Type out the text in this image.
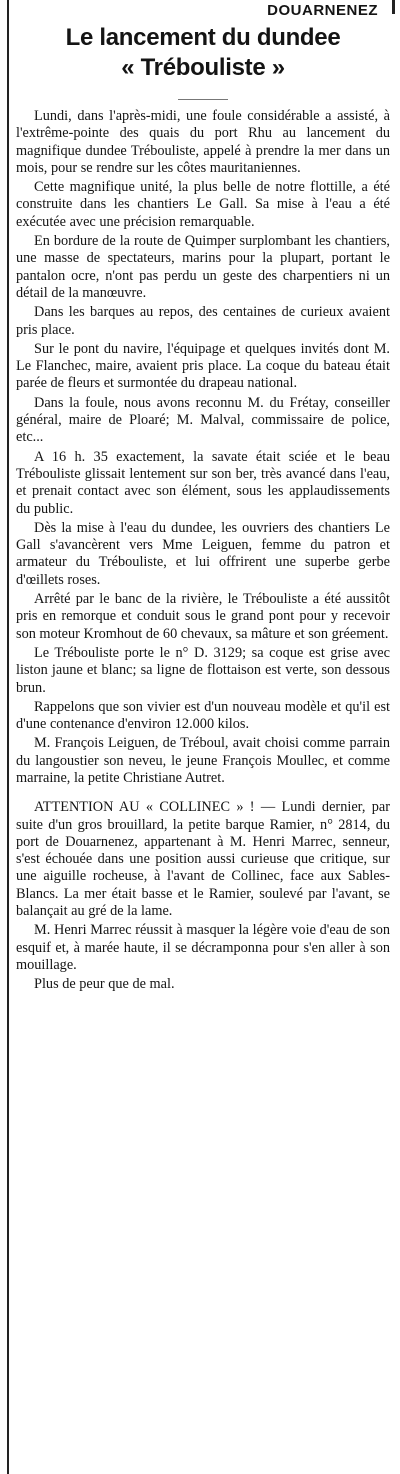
DOUARNENEZ
Le lancement du dundee
« Trébouliste »

Lundi, dans l'après-midi, une foule considérable a assisté, à l'extrême-pointe des quais du port Rhu au lancement du magnifique dundee Trébouliste, appelé à prendre la mer dans un mois, pour se rendre sur les côtes mauritaniennes.

Cette magnifique unité, la plus belle de notre flottille, a été construite dans les chantiers Le Gall. Sa mise à l'eau a été exécutée avec une précision remarquable.

En bordure de la route de Quimper surplombant les chantiers, une masse de spectateurs, marins pour la plupart, portant le pantalon ocre, n'ont pas perdu un geste des charpentiers ni un détail de la manœuvre.

Dans les barques au repos, des centaines de curieux avaient pris place.

Sur le pont du navire, l'équipage et quelques invités dont M. Le Flanchec, maire, avaient pris place. La coque du bateau était parée de fleurs et surmontée du drapeau national.

Dans la foule, nous avons reconnu M. du Frétay, conseiller général, maire de Ploaré; M. Malval, commissaire de police, etc...

A 16 h. 35 exactement, la savate était sciée et le beau Trébouliste glissait lentement sur son ber, très avancé dans l'eau, et prenait contact avec son élément, sous les applaudissements du public.

Dès la mise à l'eau du dundee, les ouvriers des chantiers Le Gall s'avancèrent vers Mme Leiguen, femme du patron et armateur du Trébouliste, et lui offrirent une superbe gerbe d'œillets roses.

Arrêté par le banc de la rivière, le Trébouliste a été aussitôt pris en remorque et conduit sous le grand pont pour y recevoir son moteur Kromhout de 60 chevaux, sa mâture et son gréement.

Le Trébouliste porte le n° D. 3129; sa coque est grise avec liston jaune et blanc; sa ligne de flottaison est verte, son dessous brun.

Rappelons que son vivier est d'un nouveau modèle et qu'il est d'une contenance d'environ 12.000 kilos.

M. François Leiguen, de Tréboul, avait choisi comme parrain du langoustier son neveu, le jeune François Moullec, et comme marraine, la petite Christiane Autret.

ATTENTION AU « COLLINEC » ! — Lundi dernier, par suite d'un gros brouillard, la petite barque Ramier, n° 2814, du port de Douarnenez, appartenant à M. Henri Marrec, senneur, s'est échouée dans une position aussi curieuse que critique, sur une aiguille rocheuse, à l'avant de Collinec, face aux Sables-Blancs. La mer était basse et le Ramier, soulevé par l'avant, se balançait au gré de la lame.

M. Henri Marrec réussit à masquer la légère voie d'eau de son esquif et, à marée haute, il se décramponna pour s'en aller à son mouillage.

Plus de peur que de mal.
